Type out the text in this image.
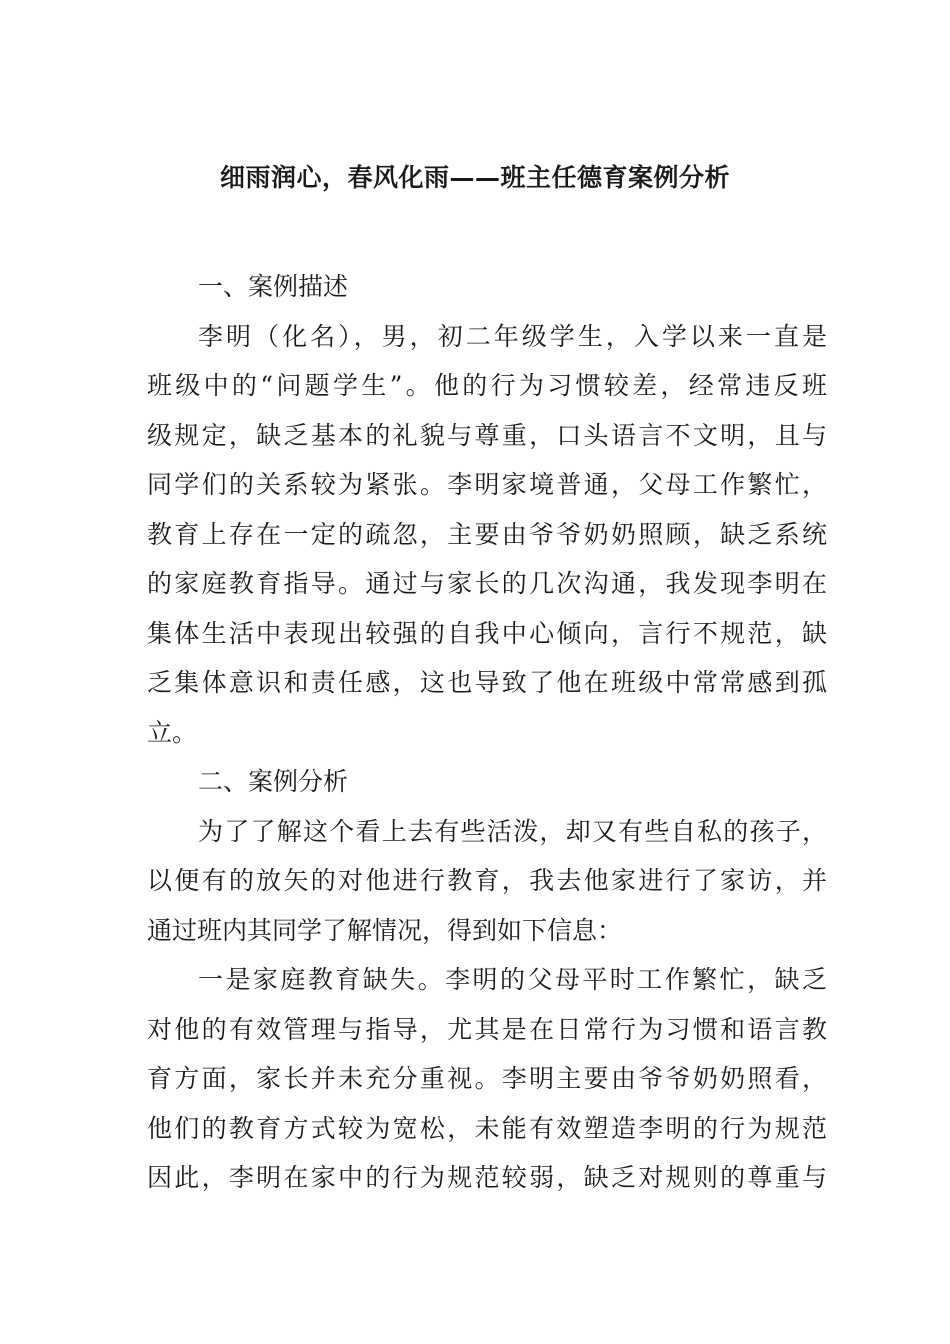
细雨润心，春风化雨——班主任德育案例分析
一、案例描述
李明（化名），男，初二年级学生，入学以来一直是
班级中的“问题学生”。他的行为习惯较差，经常违反班
级规定，缺乏基本的礼貌与尊重，口头语言不文明，且与
同学们的关系较为紧张。李明家境普通，父母工作繁忙，
教育上存在一定的疏忽，主要由爷爷奶奶照顾，缺乏系统
的家庭教育指导。通过与家长的几次沟通，我发现李明在
集体生活中表现出较强的自我中心倾向，言行不规范，缺
乏集体意识和责任感，这也导致了他在班级中常常感到孤
立。
二、案例分析
为了了解这个看上去有些活泼，却又有些自私的孩子，
以便有的放矢的对他进行教育，我去他家进行了家访，并
通过班内其同学了解情况，得到如下信息：
一是家庭教育缺失。李明的父母平时工作繁忙，缺乏
对他的有效管理与指导，尤其是在日常行为习惯和语言教
育方面，家长并未充分重视。李明主要由爷爷奶奶照看，
他们的教育方式较为宽松，未能有效塑造李明的行为规范
因此，李明在家中的行为规范较弱，缺乏对规则的尊重与
